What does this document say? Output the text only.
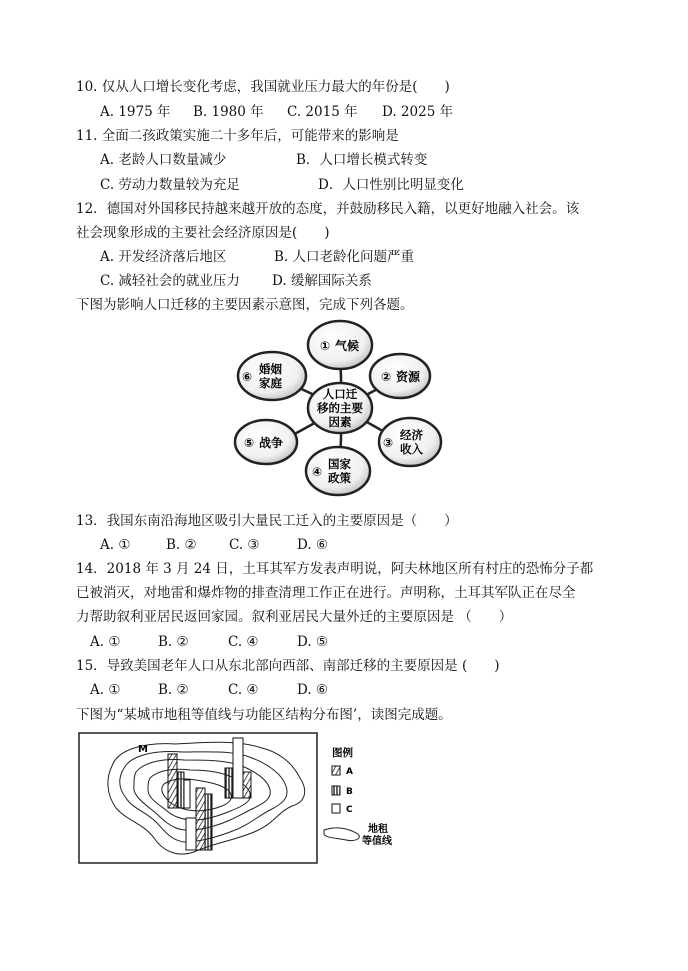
10. 仅从人口增长变化考虑，我国就业压力最大的年份是(　　)
A. 1975 年 B. 1980 年 C. 2015 年 D. 2025 年
11. 全面二孩政策实施二十多年后，可能带来的影响是
A. 老龄人口数量减少	B．人口增长模式转变
C. 劳动力数量较为充足	D．人口性别比明显变化
12．德国对外国移民持越来越开放的态度，并鼓励移民入籍，以更好地融入社会。该
社会现象形成的主要社会经济原因是(　　)
A. 开发经济落后地区	B. 人口老龄化问题严重
C. 减轻社会的就业压力 D. 缓解国际关系
下图为影响人口迁移的主要因素示意图，完成下列各题。
人口迁
移的主要
因素
① 气候
② 资源
③
经济
收入
④
国家
政策
⑤ 战争
⑥
婚姻
家庭
13．我国东南沿海地区吸引大量民工迁入的主要原因是（　　）
A. ①	B. ② C. ③	D. ⑥
14．2018 年 3 月 24 日，土耳其军方发表声明说，阿夫林地区所有村庄的恐怖分子都
已被消灭，对地雷和爆炸物的排查清理工作正在进行。声明称，土耳其军队正在尽全
力帮助叙利亚居民返回家园。叙利亚居民大量外迁的主要原因是 （　　）
A. ①	B. ②	C. ④	D. ⑤
15．导致美国老年人口从东北部向西部、南部迁移的主要原因是 (　　)
A. ①	B. ②	C. ④	D. ⑥
下图为“某城市地租等值线与功能区结构分布图’，读图完成题。
M	图例
A
B
C
地租
等值线
